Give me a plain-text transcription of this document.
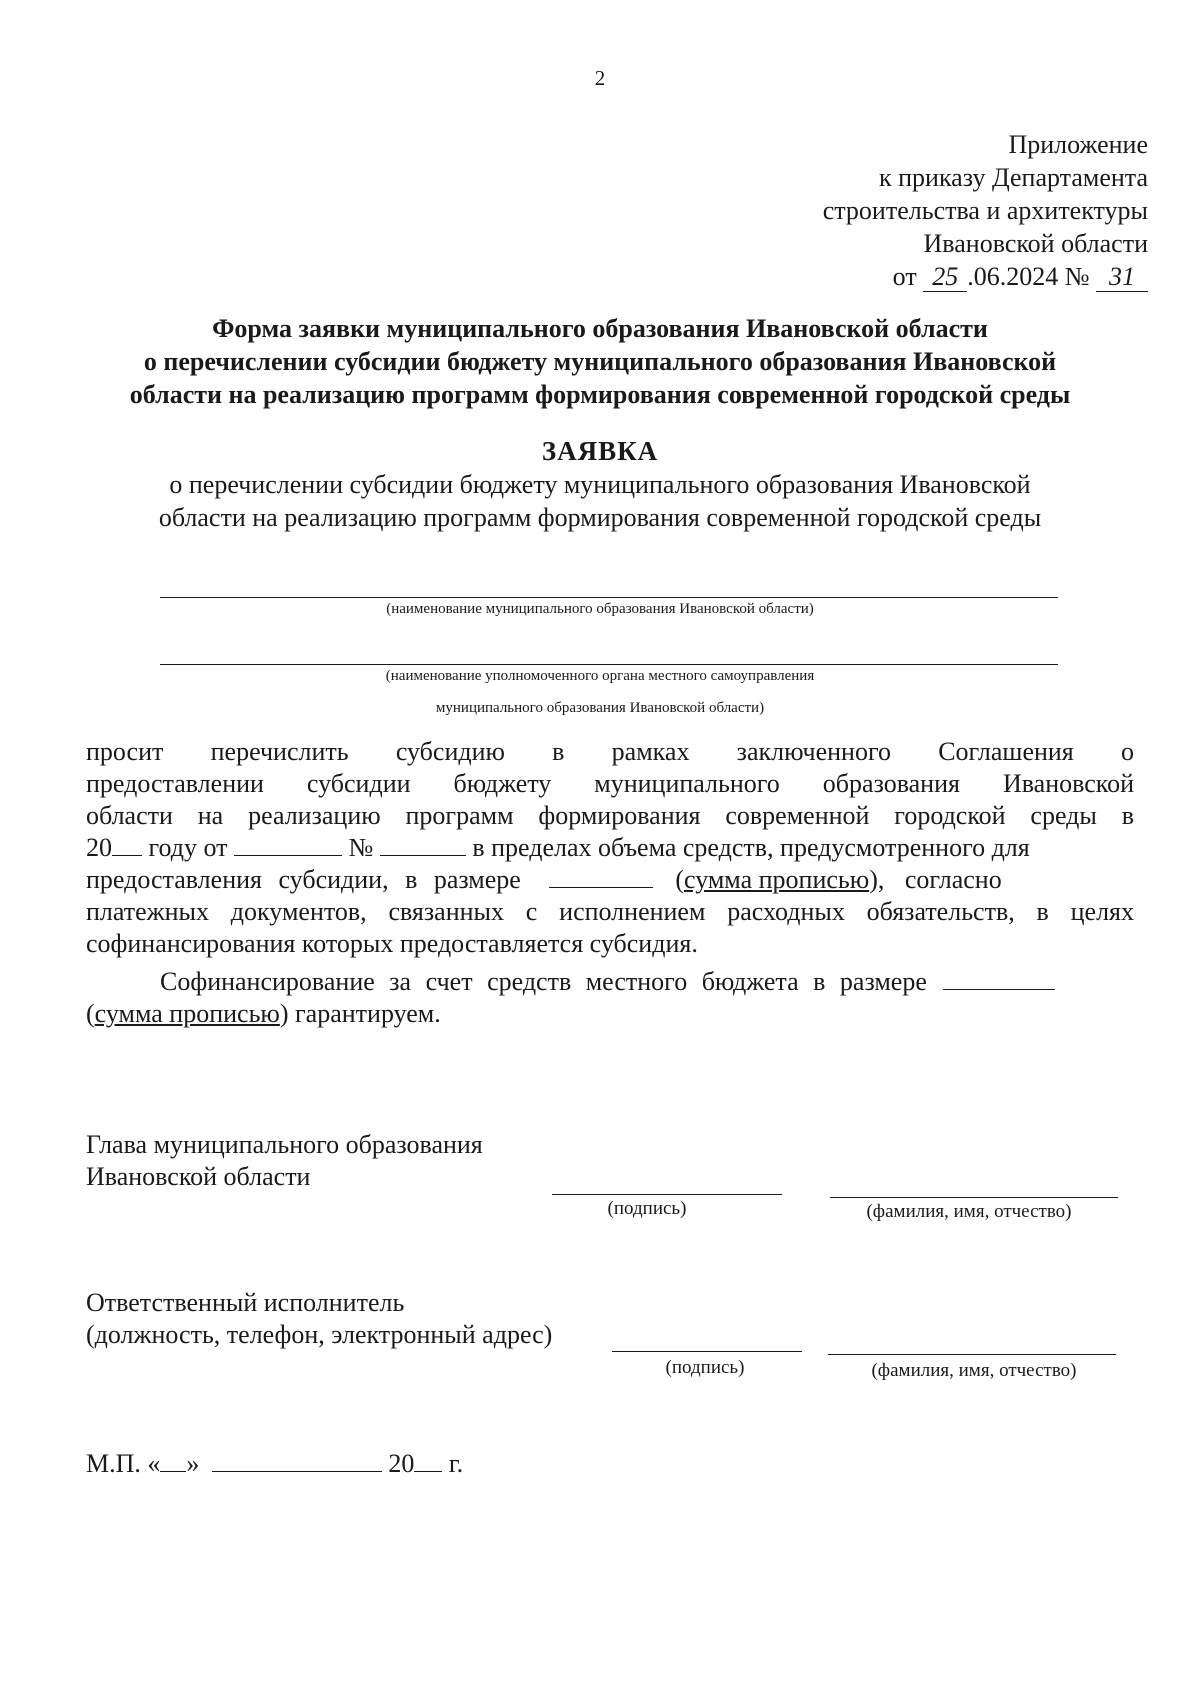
2
Приложение
к приказу Департамента
строительства и архитектуры
Ивановской области
от 25 .06.2024 № 31
Форма заявки муниципального образования Ивановской области
о перечислении субсидии бюджету муниципального образования Ивановской
области на реализацию программ формирования современной городской среды
ЗАЯВКА
о перечислении субсидии бюджету муниципального образования Ивановской
области на реализацию программ формирования современной городской среды
(наименование муниципального образования Ивановской области)
(наименование уполномоченного органа местного самоуправления
муниципального образования Ивановской области)
просит перечислить субсидию в рамках заключенного Соглашения о
предоставлении субсидии бюджету муниципального образования Ивановской
области на реализацию программ формирования современной городской среды в
20 году от	№	в пределах объема средств, предусмотренного для
предоставления субсидии, в размере	(сумма прописью), согласно
платежных документов, связанных с исполнением расходных обязательств, в целях
софинансирования которых предоставляется субсидия.
Софинансирование за счет средств местного бюджета в размере
(сумма прописью) гарантируем.
Глава муниципального образования
Ивановской области
(подпись)	(фамилия, имя, отчество)
Ответственный исполнитель
(должность, телефон, электронный адрес)
(подпись)	(фамилия, имя, отчество)
М.П. « »	20 г.
